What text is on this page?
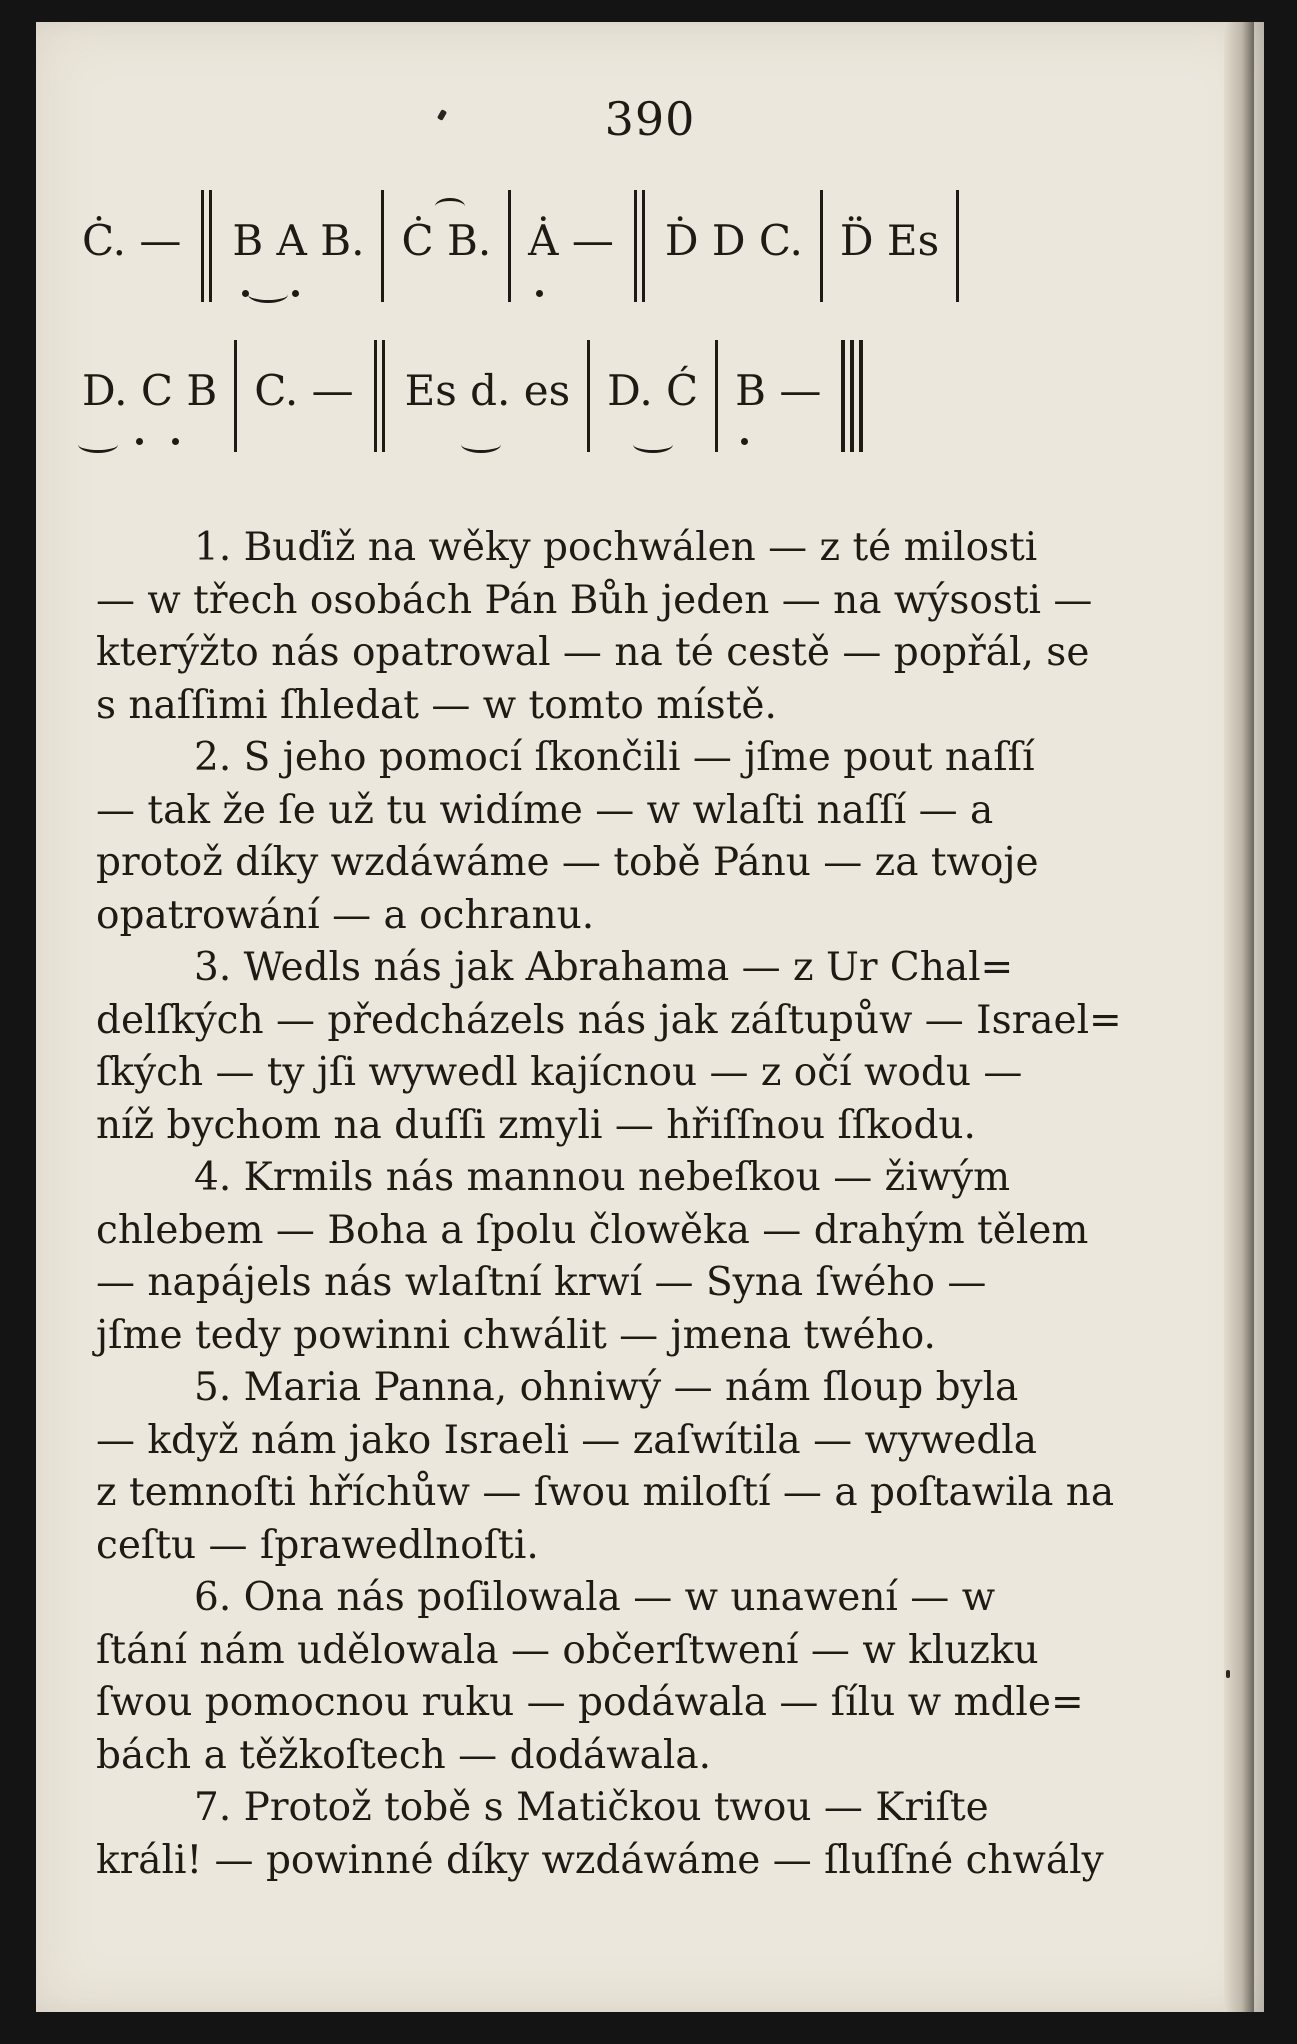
390
Ċ. — B A B. Ċ B. Ȧ — Ḋ D C. D̈ Es
D. C B C. — Es d. es D. Ć B —
1. Buďiž na wěky pochwálen — z té milosti
— w třech osobách Pán Bůh jeden — na wýsosti —
kterýžto nás opatrowal — na té cestě — popřál, se
s naſſimi ſhledat — w tomto místě.
2. S jeho pomocí ſkončili — jſme pout naſſí
— tak že ſe už tu widíme — w wlaſti naſſí — a
protož díky wzdáwáme — tobě Pánu — za twoje
opatrowání — a ochranu.
3. Wedls nás jak Abrahama — z Ur Chal=
delſkých — předcházels nás jak záſtupůw — Israel=
ſkých — ty jſi wywedl kajícnou — z očí wodu —
níž bychom na duſſi zmyli — hřiſſnou ſſkodu.
4. Krmils nás mannou nebeſkou — žiwým
chlebem — Boha a ſpolu člowěka — drahým tělem
— napájels nás wlaſtní krwí — Syna ſwého —
jſme tedy powinni chwálit — jmena twého.
5. Maria Panna, ohniwý — nám ſloup byla
— když nám jako Israeli — zaſwítila — wywedla
z temnoſti hříchůw — ſwou miloſtí — a poſtawila na
ceſtu — ſprawedlnoſti.
6. Ona nás poſilowala — w unawení — w
ſtání nám udělowala — občerſtwení — w kluzku
ſwou pomocnou ruku — podáwala — ſílu w mdle=
bách a těžkoſtech — dodáwala.
7. Protož tobě s Matičkou twou — Kriſte
králi! — powinné díky wzdáwáme — ſluſſné chwály
